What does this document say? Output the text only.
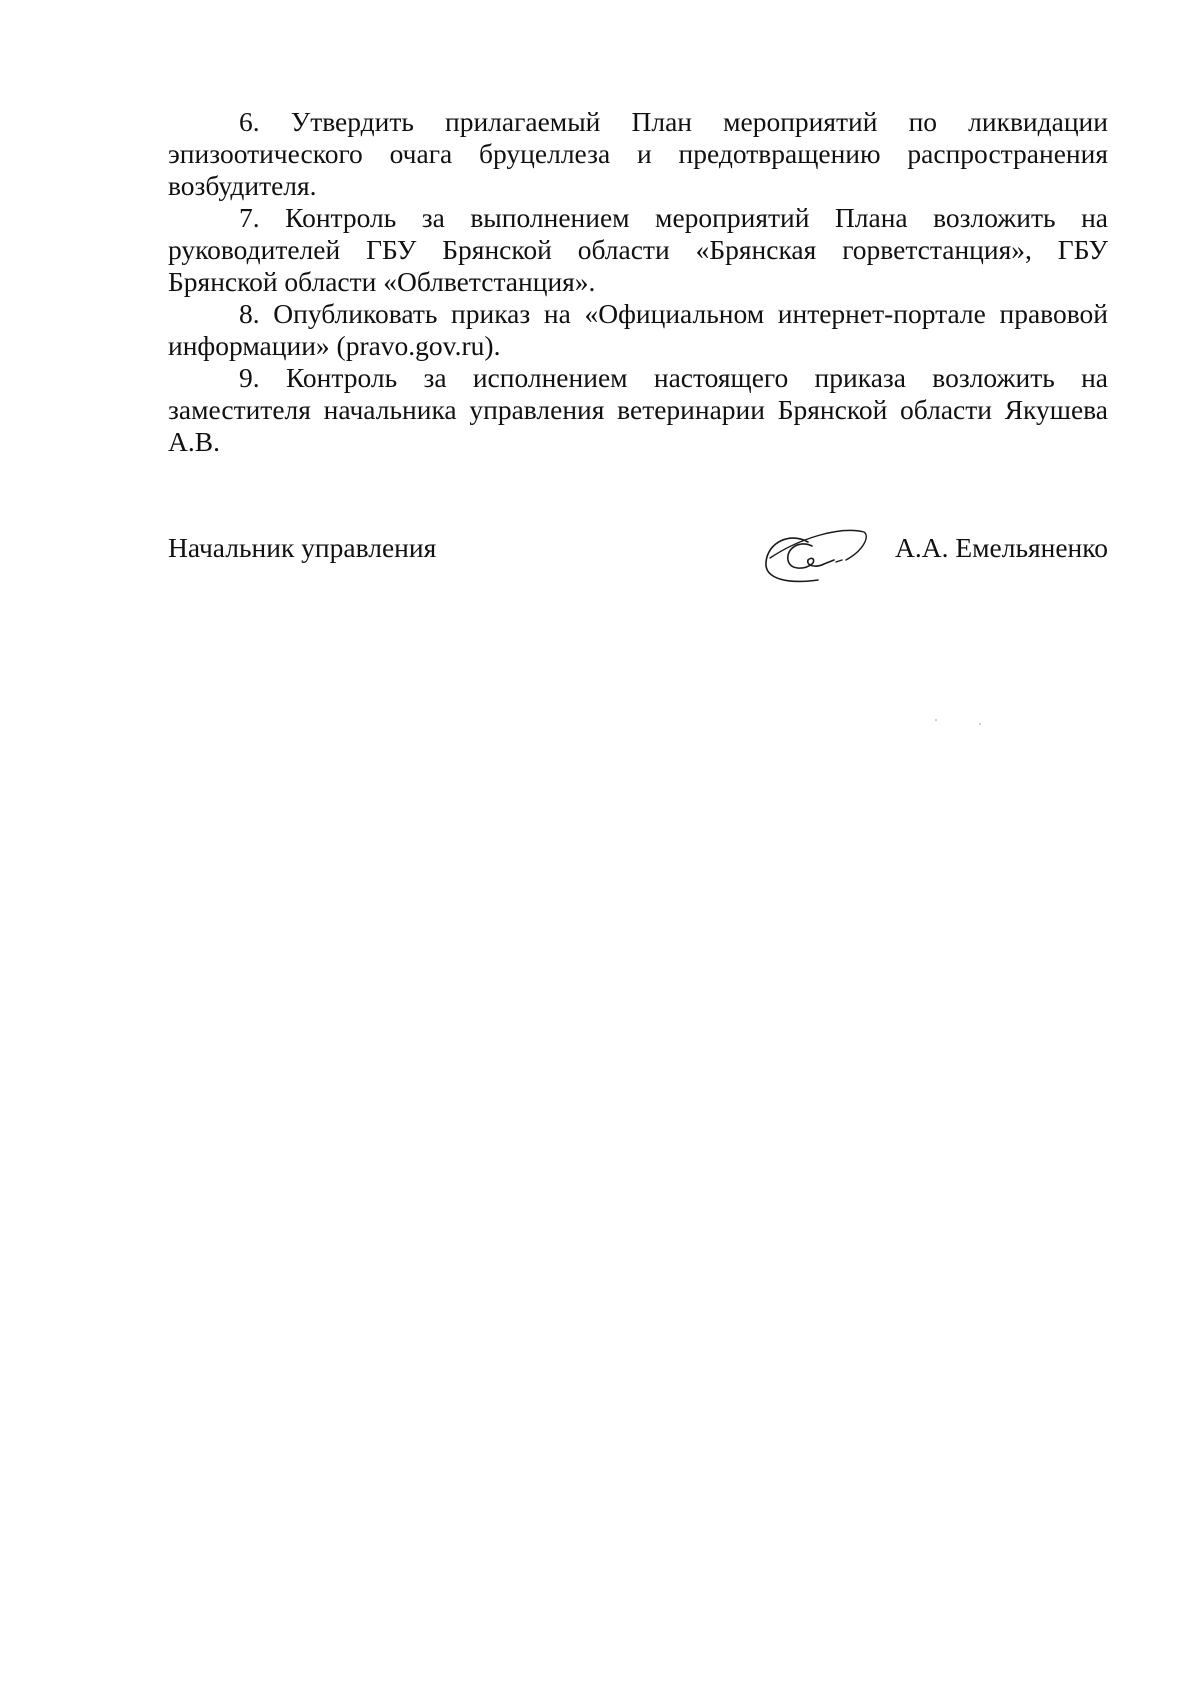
6. Утвердить прилагаемый План мероприятий по ликвидации эпизоотического очага бруцеллеза и предотвращению распространения возбудителя.

7. Контроль за выполнением мероприятий Плана возложить на руководителей ГБУ Брянской области «Брянская горветстанция», ГБУ Брянской области «Облветстанция».

8. Опубликовать приказ на «Официальном интернет-портале правовой информации» (pravo.gov.ru).

9. Контроль за исполнением настоящего приказа возложить на заместителя начальника управления ветеринарии Брянской области Якушева А.В.

Начальник управления	А.А. Емельяненко
